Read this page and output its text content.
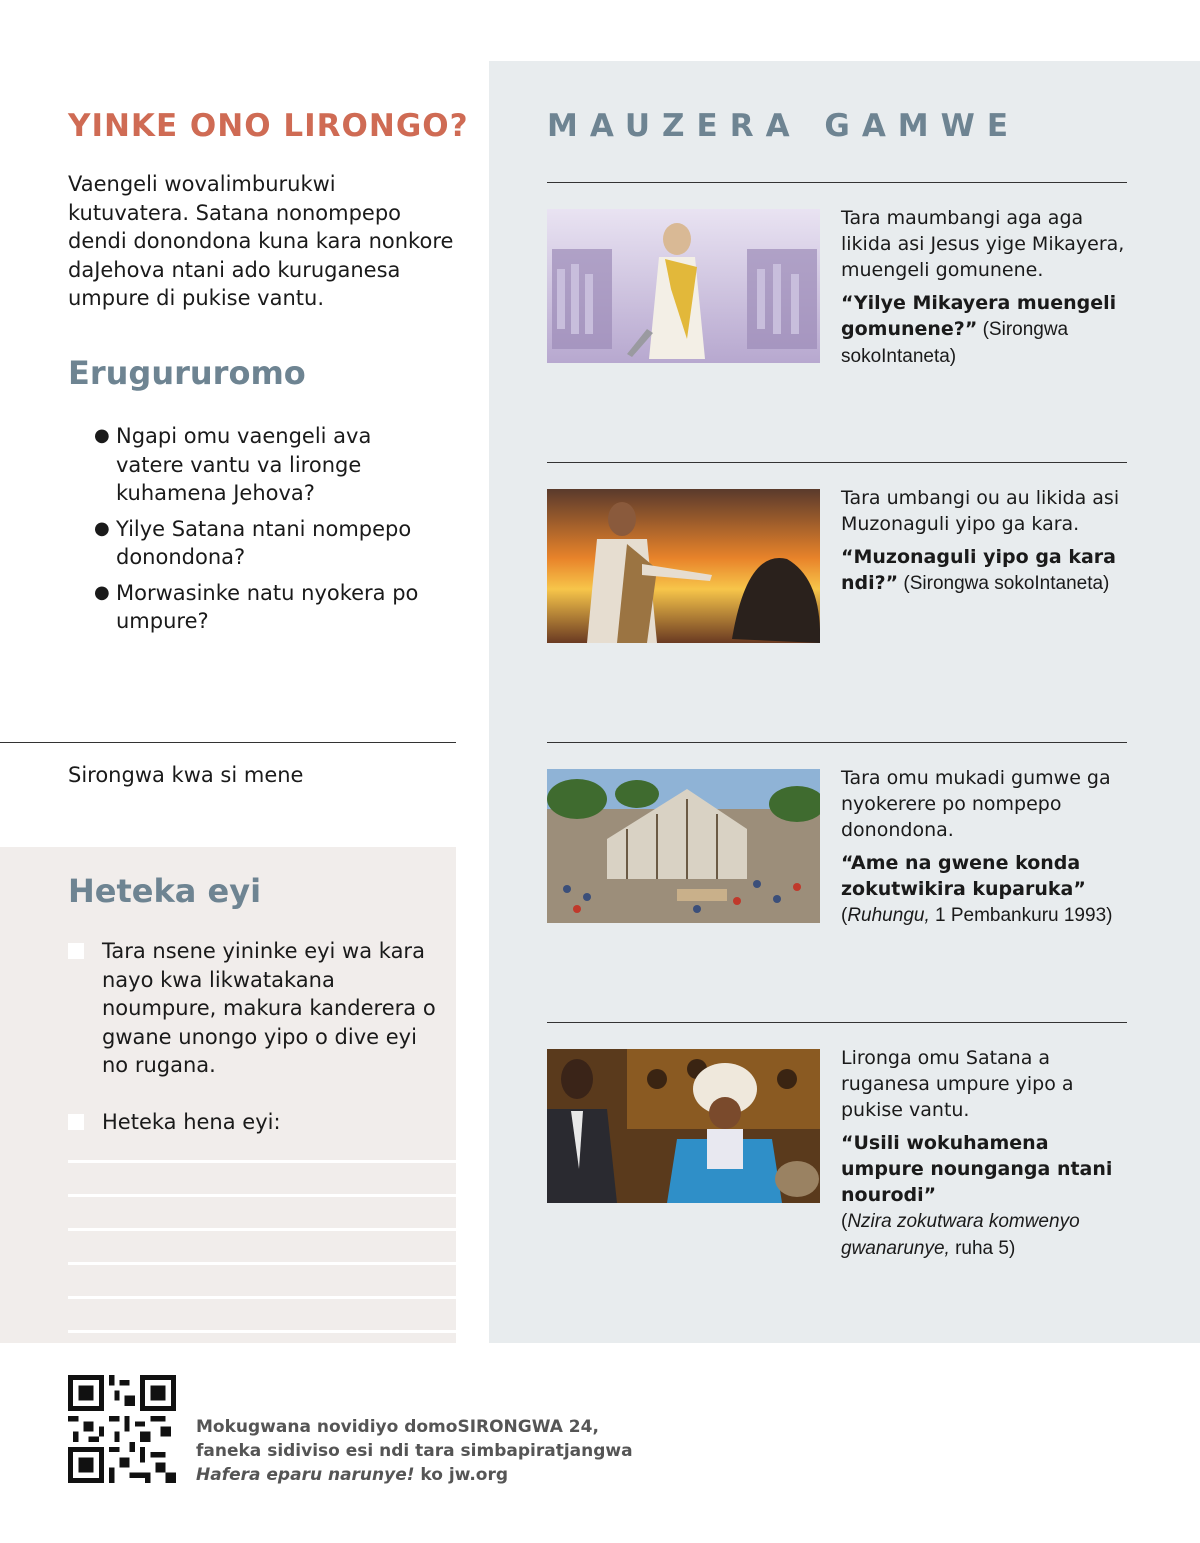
YINKE ONO LIRONGO?

Vaengeli wovalimburukwi kutuvatera. Satana nonompepo dendi donondona kuna kara nonkore daJehova ntani ado kuruganesa umpure di pukise vantu.

Erugururomo
● Ngapi omu vaengeli ava vatere vantu va lironge kuhamena Jehova?
● Yilye Satana ntani nompepo donondona?
● Morwasinke natu nyokera po umpure?
Sirongwa kwa si mene
Heteka eyi
Tara nsene yininke eyi wa kara nayo kwa likwatakana noumpure, makura kanderera o gwane unongo yipo o dive eyi no rugana.
Heteka hena eyi:
MAUZERA GAMWE

Tara maumbangi aga aga likida asi Jesus yige Mikayera, muengeli gomunene.

“Yilye Mikayera muengeli gomunene?” (Sirongwa sokoIntaneta)

Tara umbangi ou au likida asi Muzonaguli yipo ga kara.

“Muzonaguli yipo ga kara ndi?” (Sirongwa sokoIntaneta)

Tara omu mukadi gumwe ga nyokerere po nompepo donondona.

“Ame na gwene konda zokutwikira kuparuka”
(Ruhungu, 1 Pembankuru 1993)

Lironga omu Satana a ruganesa umpure yipo a pukise vantu.

“Usili wokuhamena umpure nounganga ntani nourodi”
(Nzira zokutwara komwenyo gwanarunye, ruha 5)

Mokugwana novidiyo domoSIRONGWA 24,
faneka sidiviso esi ndi tara simbapiratjangwa
Hafera eparu narunye! ko jw.org
